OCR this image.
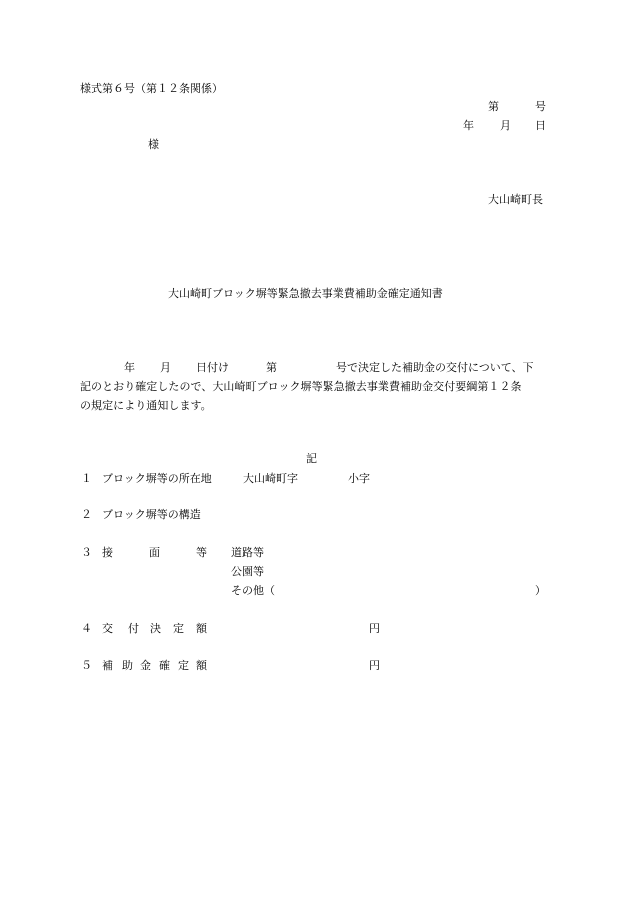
様式第６号（第１２条関係）
第	号
年 月 日
様
大山崎町長
大山崎町ブロック塀等緊急撤去事業費補助金確定通知書
年 月 日付け	第	号で決定した補助金の交付について、下
記のとおり確定したので、大山崎町ブロック塀等緊急撤去事業費補助金交付要綱第１２条
の規定により通知します。
記
１ ブロック塀等の所在地	大山崎町字	小字
２ ブロック塀等の構造
３ 接	面	等 道路等
公園等
その他（	）
４ 交 付 決 定 額	円
５ 補 助 金 確 定 額	円
